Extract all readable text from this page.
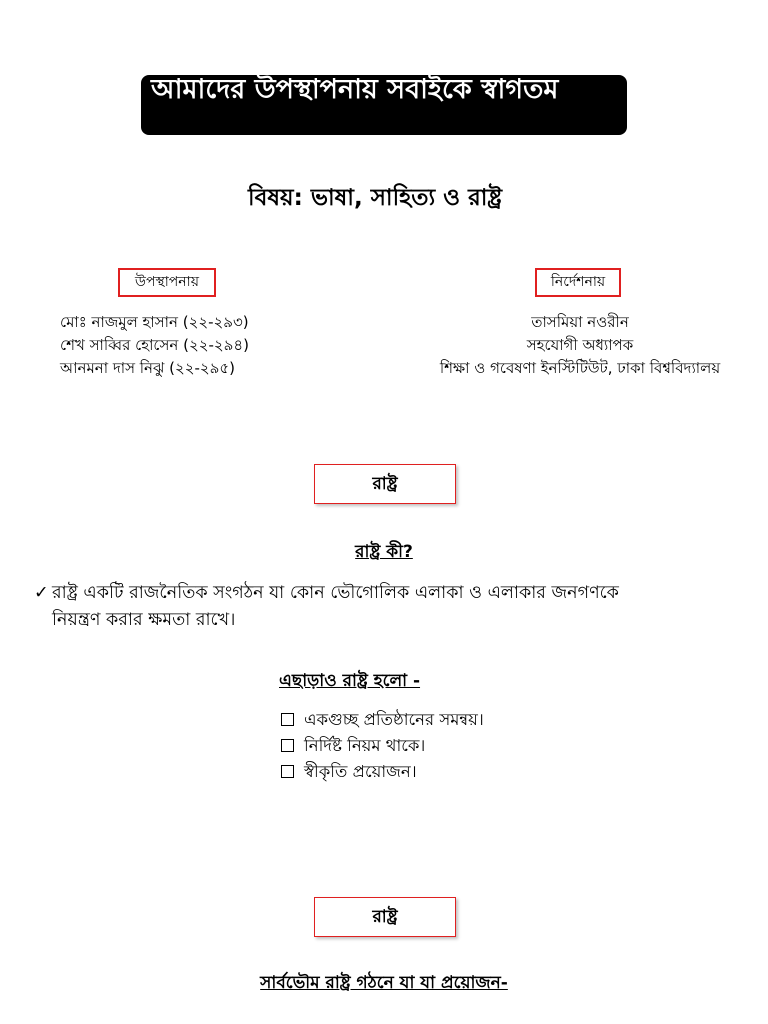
আমাদের উপস্থাপনায় সবাইকে স্বাগতম
বিষয়: ভাষা, সাহিত্য ও রাষ্ট্র
উপস্থাপনায়	নির্দেশনায়
মোঃ নাজমুল হাসান (২২-২৯৩)
শেখ সাব্বির হোসেন (২২-২৯৪)
আনমনা দাস নিঝু (২২-২৯৫)
তাসমিয়া নওরীন
সহযোগী অধ্যাপক
শিক্ষা ও গবেষণা ইনস্টিটিউট, ঢাকা বিশ্ববিদ্যালয়
রাষ্ট্র
রাষ্ট্র কী?
✓ রাষ্ট্র একটি রাজনৈতিক সংগঠন যা কোন ভৌগোলিক এলাকা ও এলাকার জনগণকে
নিয়ন্ত্রণ করার ক্ষমতা রাখে।
এছাড়াও রাষ্ট্র হলো -
একগুচ্ছ প্রতিষ্ঠানের সমন্বয়।
নির্দিষ্ট নিয়ম থাকে।
স্বীকৃতি প্রয়োজন।
রাষ্ট্র
সার্বভৌম রাষ্ট্র গঠনে যা যা প্রয়োজন-
